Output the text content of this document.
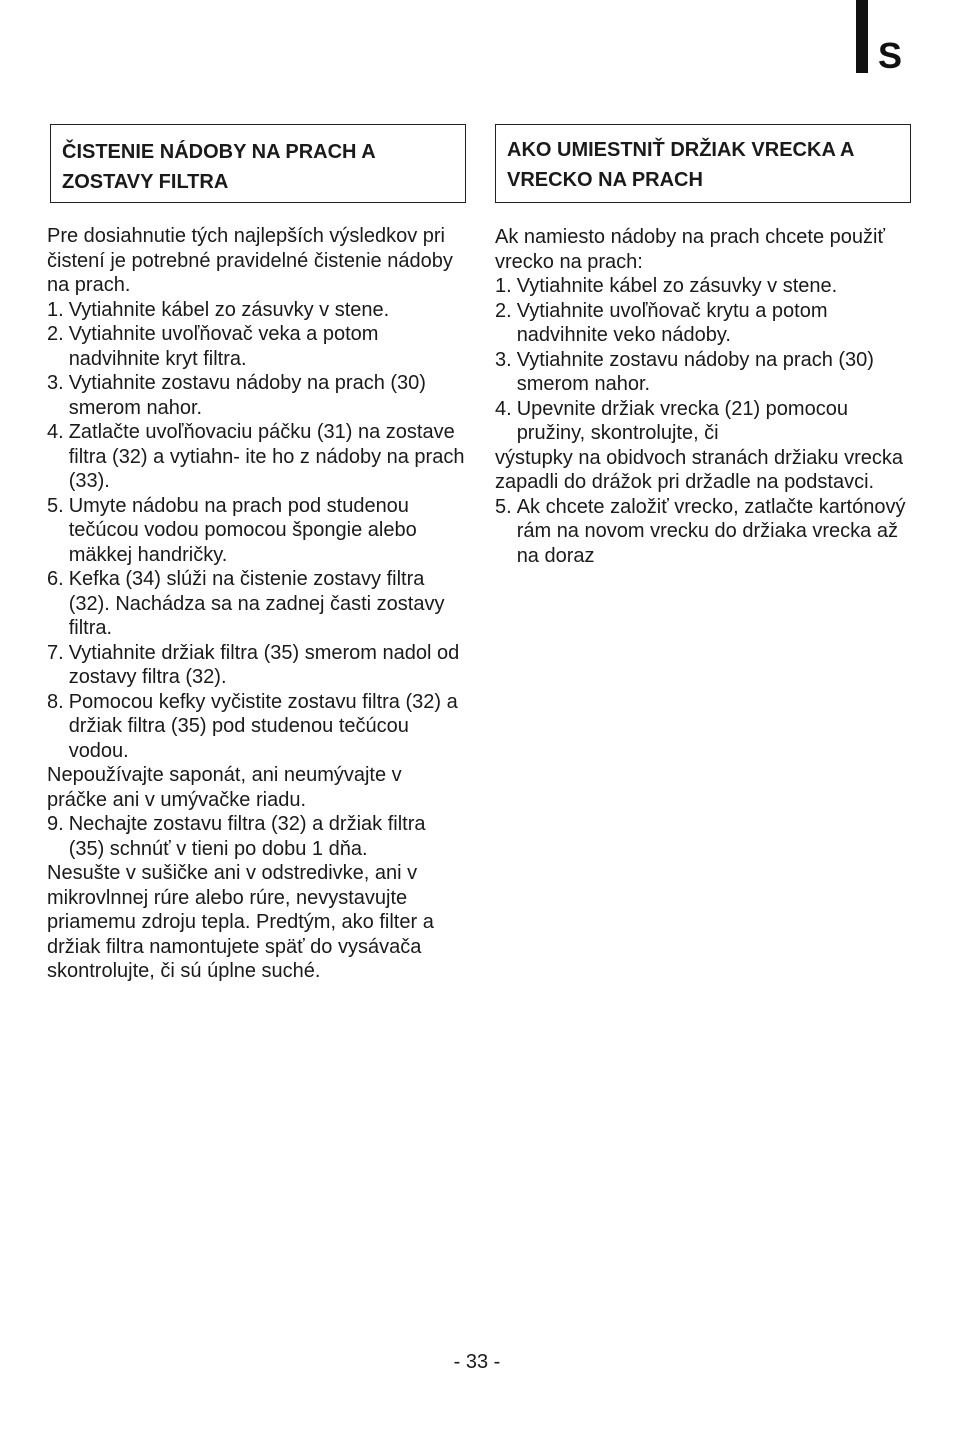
S
ČISTENIE NÁDOBY NA PRACH A ZOSTAVY FILTRA

Pre dosiahnutie tých najlepších výsledkov pri čistení je potrebné pravidelné čistenie nádoby na prach.

1. Vytiahnite kábel zo zásuvky v stene.
2. Vytiahnite uvoľňovač veka a potom nadvihnite kryt filtra.
3. Vytiahnite zostavu nádoby na prach (30) smerom nahor.
4. Zatlačte uvoľňovaciu páčku (31) na zostave filtra (32) a vytiahn- ite ho z nádoby na prach (33).
5. Umyte nádobu na prach pod studenou tečúcou vodou pomocou špongie alebo mäkkej handričky.
6. Kefka (34) slúži na čistenie zostavy filtra (32). Nachádza sa na zadnej časti zostavy filtra.
7. Vytiahnite držiak filtra (35) smerom nadol od zostavy filtra (32).
8. Pomocou kefky vyčistite zostavu filtra (32) a držiak filtra (35) pod studenou tečúcou vodou.

Nepoužívajte saponát, ani neumývajte v práčke ani v umývačke riadu.

9. Nechajte zostavu filtra (32) a držiak filtra (35) schnúť v tieni po dobu 1 dňa.

Nesušte v sušičke ani v odstredivke, ani v mikrovlnnej rúre alebo rúre, nevystavujte priamemu zdroju tepla. Predtým, ako filter a držiak filtra namontujete späť do vysávača skontrolujte, či sú úplne suché.

AKO UMIESTNIŤ DRŽIAK VRECKA A VRECKO NA PRACH

Ak namiesto nádoby na prach chcete použiť vrecko na prach:

1. Vytiahnite kábel zo zásuvky v stene.
2. Vytiahnite uvoľňovač krytu a potom nadvihnite veko nádoby.
3. Vytiahnite zostavu nádoby na prach (30) smerom nahor.
4. Upevnite držiak vrecka (21) pomocou pružiny, skontrolujte, či

výstupky na obidvoch stranách držiaku vrecka zapadli do drážok pri držadle na podstavci.

5. Ak chcete založiť vrecko, zatlačte kartónový rám na novom vrecku do držiaka vrecka až na doraz
- 33 -
